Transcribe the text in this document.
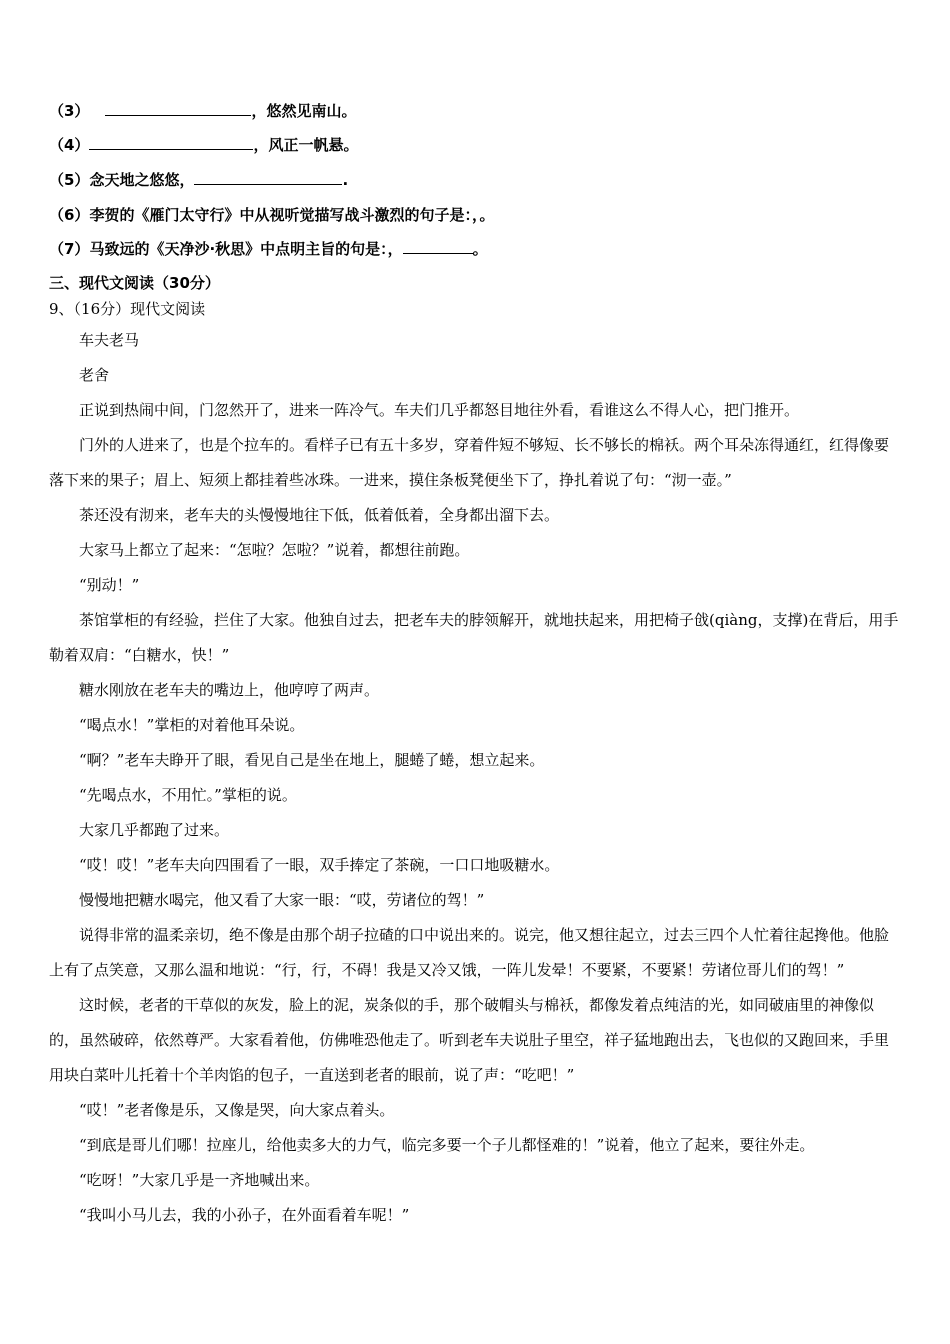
（3）	，悠然见南山。
（4）	，风正一帆悬。
（5）念天地之悠悠，	.
（6）李贺的《雁门太守行》中从视听觉描写战斗激烈的句子是：，。
（7）马致远的《天净沙·秋思》中点明主旨的句是：，	。
三、现代文阅读（30分）
9、（16分）现代文阅读

车夫老马

老舍

正说到热闹中间，门忽然开了，进来一阵冷气。车夫们几乎都怒目地往外看，看谁这么不得人心，把门推开。

门外的人进来了，也是个拉车的。看样子已有五十多岁，穿着件短不够短、长不够长的棉袄。两个耳朵冻得通红，红得像要落下来的果子；眉上、短须上都挂着些冰珠。一进来，摸住条板凳便坐下了，挣扎着说了句：“沏一壶。”

茶还没有沏来，老车夫的头慢慢地往下低，低着低着，全身都出溜下去。

大家马上都立了起来：“怎啦？怎啦？”说着，都想往前跑。

“别动！”

茶馆掌柜的有经验，拦住了大家。他独自过去，把老车夫的脖领解开，就地扶起来，用把椅子戗(qiàng，支撑)在背后，用手勒着双肩：“白糖水，快！”

糖水刚放在老车夫的嘴边上，他哼哼了两声。

“喝点水！”掌柜的对着他耳朵说。

“啊？”老车夫睁开了眼，看见自己是坐在地上，腿蜷了蜷，想立起来。

“先喝点水，不用忙。”掌柜的说。

大家几乎都跑了过来。

“哎！哎！”老车夫向四围看了一眼，双手捧定了茶碗，一口口地吸糖水。

慢慢地把糖水喝完，他又看了大家一眼：“哎，劳诸位的驾！”

说得非常的温柔亲切，绝不像是由那个胡子拉碴的口中说出来的。说完，他又想往起立，过去三四个人忙着往起搀他。他脸上有了点笑意，又那么温和地说：“行，行，不碍！我是又冷又饿，一阵儿发晕！不要紧，不要紧！劳诸位哥儿们的驾！”

这时候，老者的干草似的灰发，脸上的泥，炭条似的手，那个破帽头与棉袄，都像发着点纯洁的光，如同破庙里的神像似的，虽然破碎，依然尊严。大家看着他，仿佛唯恐他走了。听到老车夫说肚子里空，祥子猛地跑出去，飞也似的又跑回来，手里用块白菜叶儿托着十个羊肉馅的包子，一直送到老者的眼前，说了声：“吃吧！”

“哎！”老者像是乐，又像是哭，向大家点着头。

“到底是哥儿们哪！拉座儿，给他卖多大的力气，临完多要一个子儿都怪难的！”说着，他立了起来，要往外走。

“吃呀！”大家几乎是一齐地喊出来。

“我叫小马儿去，我的小孙子，在外面看着车呢！”
